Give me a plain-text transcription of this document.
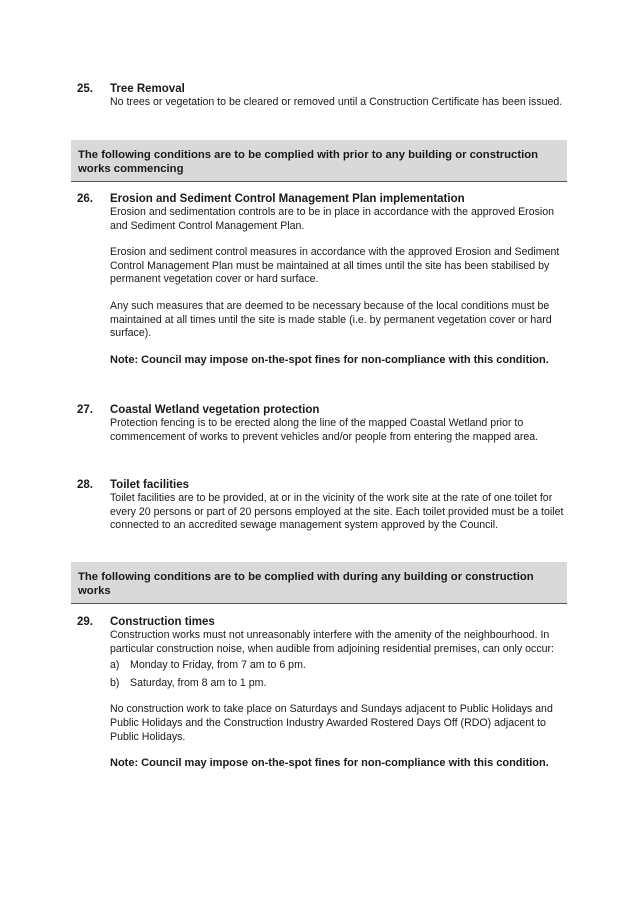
25.	Tree Removal

No trees or vegetation to be cleared or removed until a Construction Certificate has been issued.

The following conditions are to be complied with prior to any building or construction works commencing
26.	Erosion and Sediment Control Management Plan implementation

Erosion and sedimentation controls are to be in place in accordance with the approved Erosion and Sediment Control Management Plan.

Erosion and sediment control measures in accordance with the approved Erosion and Sediment Control Management Plan must be maintained at all times until the site has been stabilised by permanent vegetation cover or hard surface.

Any such measures that are deemed to be necessary because of the local conditions must be maintained at all times until the site is made stable (i.e. by permanent vegetation cover or hard surface).

Note: Council may impose on-the-spot fines for non-compliance with this condition.

27.	Coastal Wetland vegetation protection

Protection fencing is to be erected along the line of the mapped Coastal Wetland prior to commencement of works to prevent vehicles and/or people from entering the mapped area.

28.	Toilet facilities

Toilet facilities are to be provided, at or in the vicinity of the work site at the rate of one toilet for every 20 persons or part of 20 persons employed at the site. Each toilet provided must be a toilet connected to an accredited sewage management system approved by the Council.

The following conditions are to be complied with during any building or construction works
29.	Construction times

Construction works must not unreasonably interfere with the amenity of the neighbourhood. In particular construction noise, when audible from adjoining residential premises, can only occur:

a) Monday to Friday, from 7 am to 6 pm.
b) Saturday, from 8 am to 1 pm.

No construction work to take place on Saturdays and Sundays adjacent to Public Holidays and Public Holidays and the Construction Industry Awarded Rostered Days Off (RDO) adjacent to Public Holidays.

Note: Council may impose on-the-spot fines for non-compliance with this condition.
